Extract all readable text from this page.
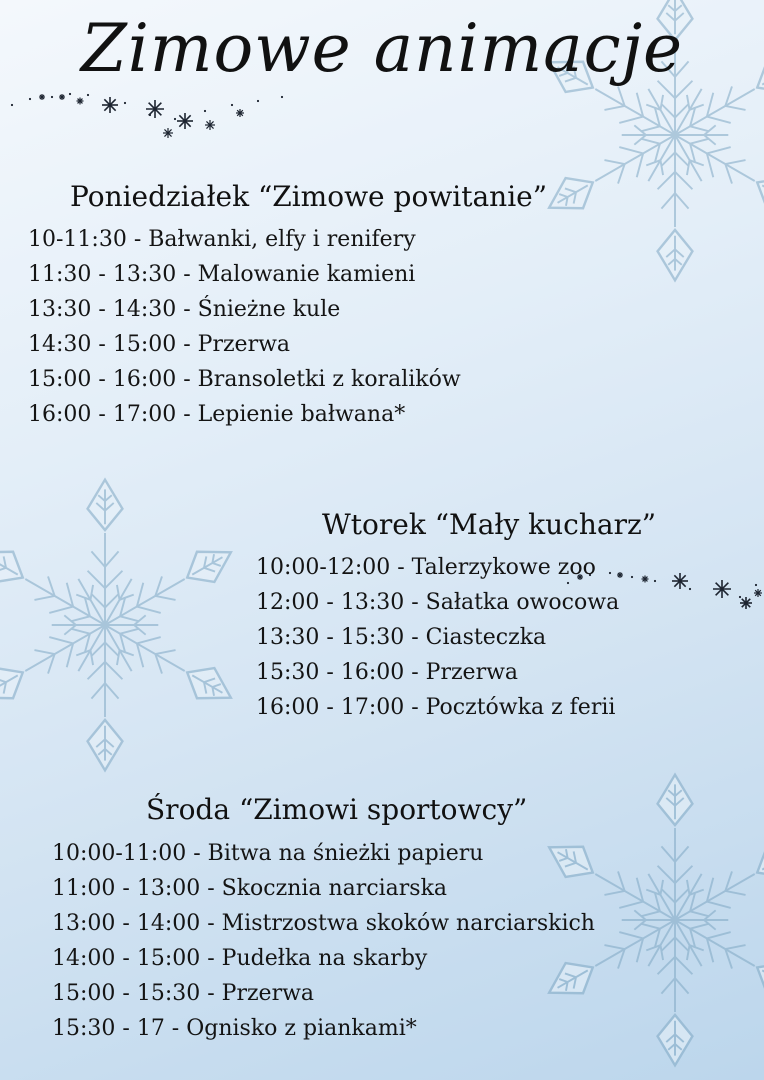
Zimowe animacje
Poniedziałek “Zimowe powitanie”
10-11:30 - Bałwanki, elfy i renifery
11:30 - 13:30 - Malowanie kamieni
13:30 - 14:30 - Śnieżne kule
14:30 - 15:00 - Przerwa
15:00 - 16:00 - Bransoletki z koralików
16:00 - 17:00 - Lepienie bałwana*
Wtorek “Mały kucharz”
10:00-12:00 - Talerzykowe zoo
12:00 - 13:30 - Sałatka owocowa
13:30 - 15:30 - Ciasteczka
15:30 - 16:00 - Przerwa
16:00 - 17:00 - Pocztówka z ferii
Środa “Zimowi sportowcy”
10:00-11:00 - Bitwa na śnieżki papieru
11:00 - 13:00 - Skocznia narciarska
13:00 - 14:00 - Mistrzostwa skoków narciarskich
14:00 - 15:00 - Pudełka na skarby
15:00 - 15:30 - Przerwa
15:30 - 17 - Ognisko z piankami*
